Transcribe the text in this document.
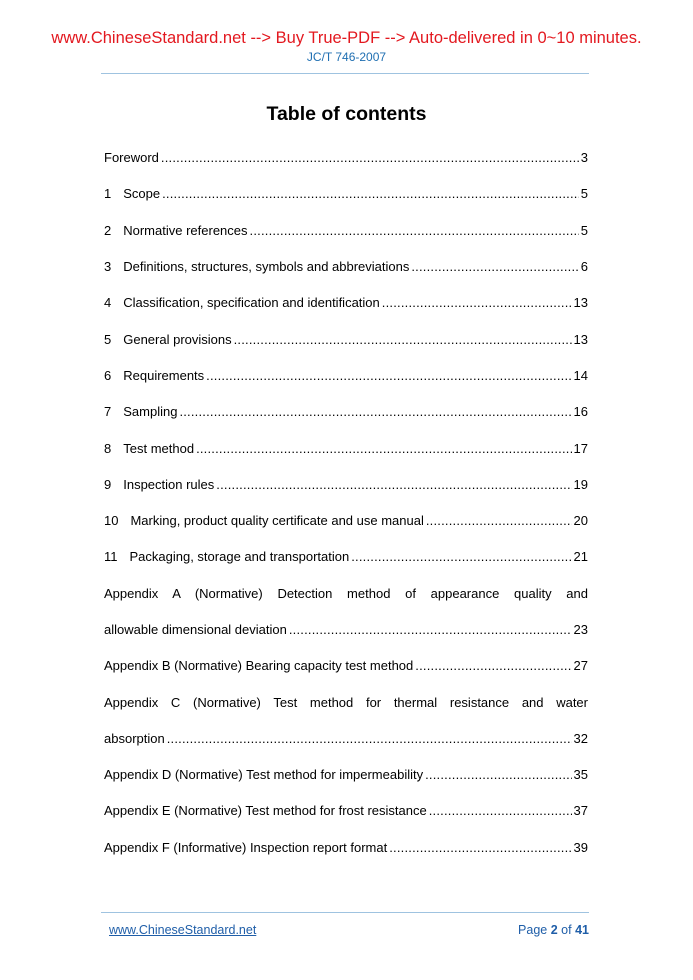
www.ChineseStandard.net --> Buy True-PDF --> Auto-delivered in 0~10 minutes.
JC/T 746-2007
Table of contents
Foreword .....	3
1 Scope .....	5
2 Normative references .....	5
3 Definitions, structures, symbols and abbreviations .....	6
4 Classification, specification and identification .....	13
5 General provisions .....	13
6 Requirements .....	14
7 Sampling .....	16
8 Test method .....	17
9 Inspection rules .....	19
10 Marking, product quality certificate and use manual .....	20
11 Packaging, storage and transportation .....	21
Appendix A (Normative) Detection method of appearance quality and
allowable dimensional deviation .....	23
Appendix B (Normative) Bearing capacity test method .....	27
Appendix C (Normative) Test method for thermal resistance and water
absorption .....	32
Appendix D (Normative) Test method for impermeability .....	35
Appendix E (Normative) Test method for frost resistance .....	37
Appendix F (Informative) Inspection report format .....	39
www.ChineseStandard.net	Page 2 of 41
